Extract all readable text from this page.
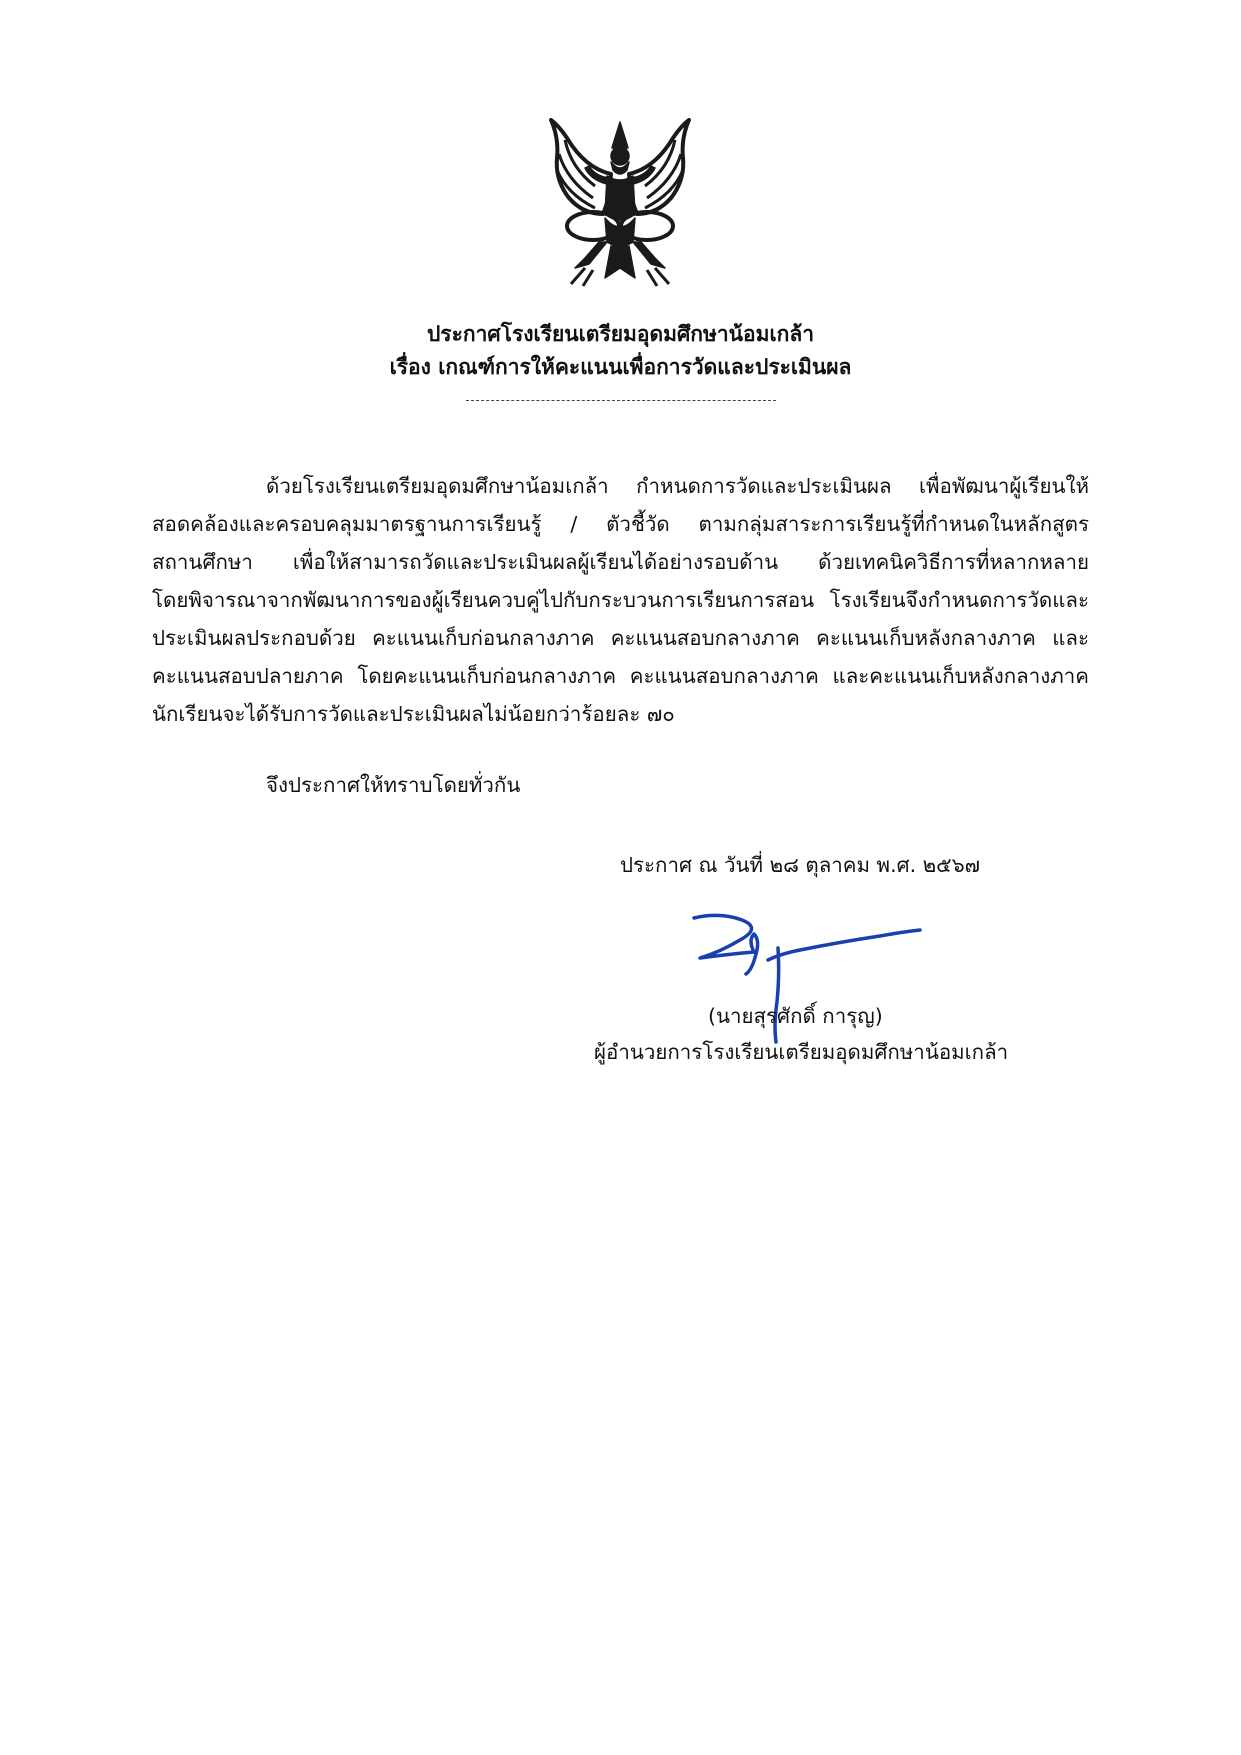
ประกาศโรงเรียนเตรียมอุดมศึกษาน้อมเกล้า
เรื่อง เกณฑ์การให้คะแนนเพื่อการวัดและประเมินผล
ด้วยโรงเรียนเตรียมอุดมศึกษาน้อมเกล้า กำหนดการวัดและประเมินผล เพื่อพัฒนาผู้เรียนให้
สอดคล้องและครอบคลุมมาตรฐานการเรียนรู้ / ตัวชี้วัด ตามกลุ่มสาระการเรียนรู้ที่กำหนดในหลักสูตร
สถานศึกษา เพื่อให้สามารถวัดและประเมินผลผู้เรียนได้อย่างรอบด้าน ด้วยเทคนิควิธีการที่หลากหลาย
โดยพิจารณาจากพัฒนาการของผู้เรียนควบคู่ไปกับกระบวนการเรียนการสอน โรงเรียนจึงกำหนดการวัดและ
ประเมินผลประกอบด้วย คะแนนเก็บก่อนกลางภาค คะแนนสอบกลางภาค คะแนนเก็บหลังกลางภาค และ
คะแนนสอบปลายภาค โดยคะแนนเก็บก่อนกลางภาค คะแนนสอบกลางภาค และคะแนนเก็บหลังกลางภาค
นักเรียนจะได้รับการวัดและประเมินผลไม่น้อยกว่าร้อยละ ๗๐
จึงประกาศให้ทราบโดยทั่วกัน
ประกาศ ณ วันที่ ๒๘ ตุลาคม พ.ศ. ๒๕๖๗
(นายสุรศักดิ์ การุญ)
ผู้อำนวยการโรงเรียนเตรียมอุดมศึกษาน้อมเกล้า
